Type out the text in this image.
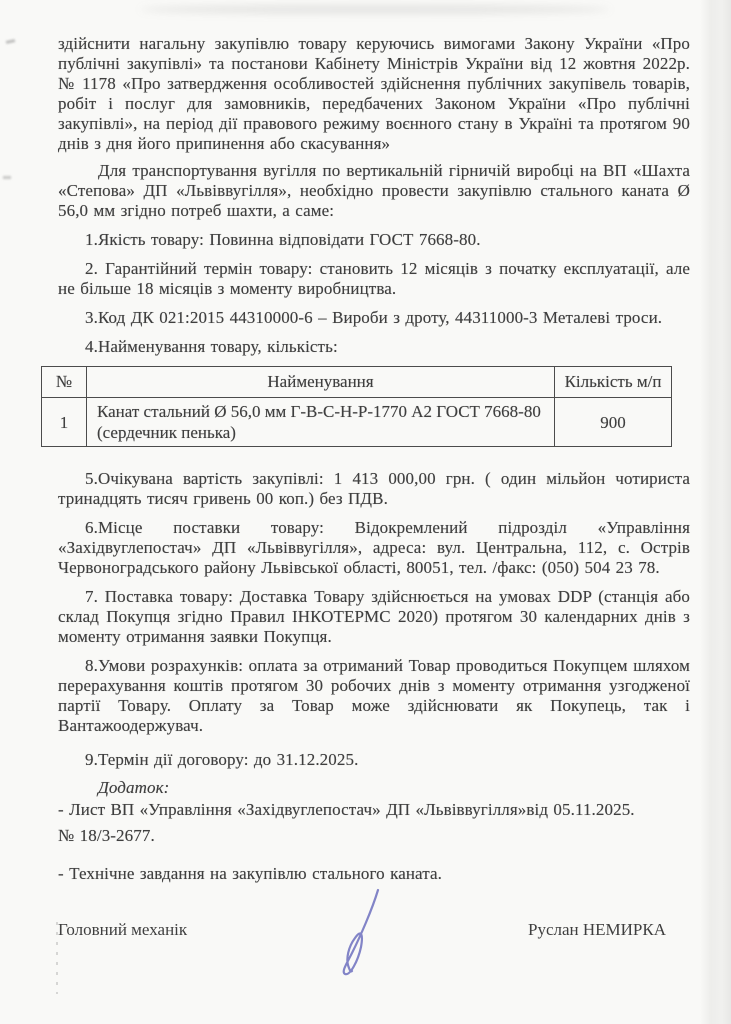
здійснити нагальну закупівлю товару керуючись вимогами Закону України «Про публічні закупівлі» та постанови Кабінету Міністрів України від 12 жовтня 2022р. № 1178 «Про затвердження особливостей здійснення публічних закупівель товарів, робіт і послуг для замовників, передбачених Законом України «Про публічні закупівлі», на період дії правового режиму воєнного стану в Україні та протягом 90 днів з дня його припинення або скасування»

Для транспортування вугілля по вертикальній гірничій виробці на ВП «Шахта «Степова» ДП «Львіввугілля», необхідно провести закупівлю стального каната Ø 56,0 мм згідно потреб шахти, а саме:

1.Якість товару: Повинна відповідати ГОСТ 7668-80.

2. Гарантійний термін товару: становить 12 місяців з початку експлуатації, але не більше 18 місяців з моменту виробництва.

3.Код ДК 021:2015 44310000-6 – Вироби з дроту, 44311000-3 Металеві троси.

4.Найменування товару, кількість:

№	Найменування	Кількість м/п
1	Канат стальний Ø 56,0 мм Г-В-С-Н-Р-1770 А2 ГОСТ 7668-80 (сердечник пенька)	900

5.Очікувана вартість закупівлі: 1 413 000,00 грн. ( один мільйон чотириста тринадцять тисяч гривень 00 коп.) без ПДВ.

6.Місце поставки товару: Відокремлений підрозділ «Управління «Західвуглепостач» ДП «Львіввугілля», адреса: вул. Центральна, 112, с. Острів Червоноградського району Львівської області, 80051, тел. /факс: (050) 504 23 78.

7. Поставка товару: Доставка Товару здійснюється на умовах DDP (станція або склад Покупця згідно Правил ІНКОТЕРМС 2020) протягом 30 календарних днів з моменту отримання заявки Покупця.

8.Умови розрахунків: оплата за отриманий Товар проводиться Покупцем шляхом перерахування коштів протягом 30 робочих днів з моменту отримання узгодженої партії Товару. Оплату за Товар може здійснювати як Покупець, так і Вантажоодержувач.

9.Термін дії договору: до 31.12.2025.

Додаток:

- Лист ВП «Управління «Західвуглепостач» ДП «Львіввугілля»від 05.11.2025.

№ 18/3-2677.

- Технічне завдання на закупівлю стального каната.

Головний механік	Руслан НЕМИРКА
